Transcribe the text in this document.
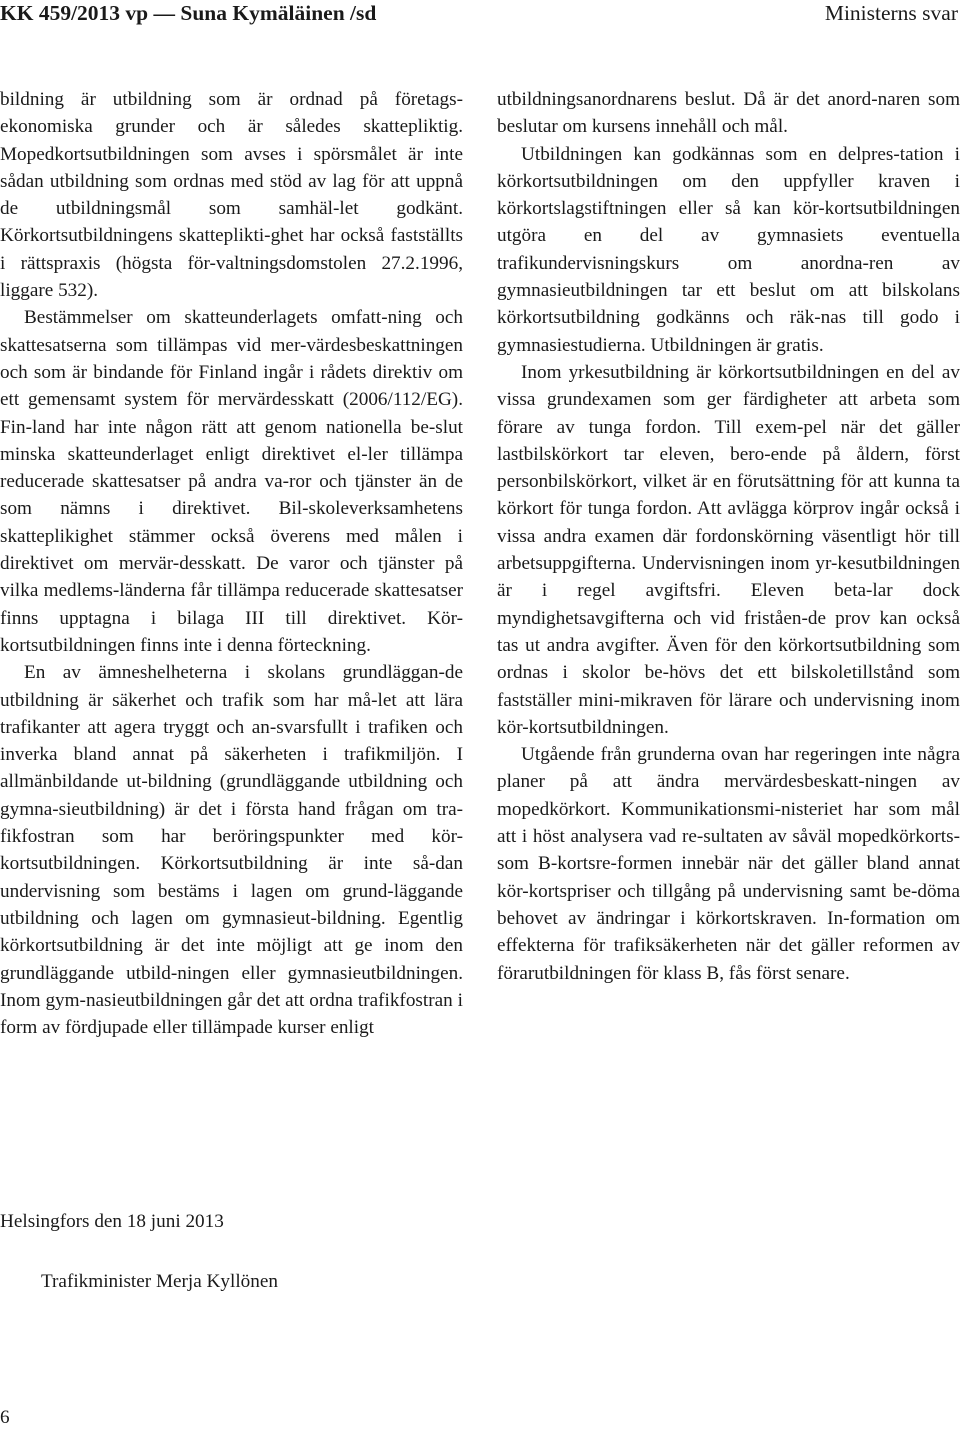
KK 459/2013 vp — Suna Kymäläinen /sd	Ministerns svar

bildning är utbildning som är ordnad på företags-ekonomiska grunder och är således skattepliktig. Mopedkortsutbildningen som avses i spörsmålet är inte sådan utbildning som ordnas med stöd av lag för att uppnå de utbildningsmål som samhäl-let godkänt. Körkortsutbildningens skatteplikti-ghet har också fastställts i rättspraxis (högsta för-valtningsdomstolen 27.2.1996, liggare 532).

Bestämmelser om skatteunderlagets omfatt-ning och skattesatserna som tillämpas vid mer-värdesbeskattningen och som är bindande för Finland ingår i rådets direktiv om ett gemensamt system för mervärdesskatt (2006/112/EG). Fin-land har inte någon rätt att genom nationella be-slut minska skatteunderlaget enligt direktivet el-ler tillämpa reducerade skattesatser på andra va-ror och tjänster än de som nämns i direktivet. Bil-skoleverksamhetens skatteplikighet stämmer också överens med målen i direktivet om mervär-desskatt. De varor och tjänster på vilka medlems-länderna får tillämpa reducerade skattesatser finns upptagna i bilaga III till direktivet. Kör-kortsutbildningen finns inte i denna förteckning.

En av ämneshelheterna i skolans grundläggan-de utbildning är säkerhet och trafik som har må-let att lära trafikanter att agera tryggt och an-svarsfullt i trafiken och inverka bland annat på säkerheten i trafikmiljön. I allmänbildande ut-bildning (grundläggande utbildning och gymna-sieutbildning) är det i första hand frågan om tra-fikfostran som har beröringspunkter med kör-kortsutbildningen. Körkortsutbildning är inte så-dan undervisning som bestäms i lagen om grund-läggande utbildning och lagen om gymnasieut-bildning. Egentlig körkortsutbildning är det inte möjligt att ge inom den grundläggande utbild-ningen eller gymnasieutbildningen. Inom gym-nasieutbildningen går det att ordna trafikfostran i form av fördjupade eller tillämpade kurser enligt

utbildningsanordnarens beslut. Då är det anord-naren som beslutar om kursens innehåll och mål.

Utbildningen kan godkännas som en delpres-tation i körkortsutbildningen om den uppfyller kraven i körkortslagstiftningen eller så kan kör-kortsutbildningen utgöra en del av gymnasiets eventuella trafikundervisningskurs om anordna-ren av gymnasieutbildningen tar ett beslut om att bilskolans körkortsutbildning godkänns och räk-nas till godo i gymnasiestudierna. Utbildningen är gratis.

Inom yrkesutbildning är körkortsutbildningen en del av vissa grundexamen som ger färdigheter att arbeta som förare av tunga fordon. Till exem-pel när det gäller lastbilskörkort tar eleven, bero-ende på åldern, först personbilskörkort, vilket är en förutsättning för att kunna ta körkort för tunga fordon. Att avlägga körprov ingår också i vissa andra examen där fordonskörning väsentligt hör till arbetsuppgifterna. Undervisningen inom yr-kesutbildningen är i regel avgiftsfri. Eleven beta-lar dock myndighetsavgifterna och vid friståen-de prov kan också tas ut andra avgifter. Även för den körkortsutbildning som ordnas i skolor be-hövs det ett bilskoletillstånd som fastställer mini-mikraven för lärare och undervisning inom kör-kortsutbildningen.

Utgående från grunderna ovan har regeringen inte några planer på att ändra mervärdesbeskatt-ningen av mopedkörkort. Kommunikationsmi-nisteriet har som mål att i höst analysera vad re-sultaten av såväl mopedkörkorts- som B-kortsre-formen innebär när det gäller bland annat kör-kortspriser och tillgång på undervisning samt be-döma behovet av ändringar i körkortskraven. In-formation om effekterna för trafiksäkerheten när det gäller reformen av förarutbildningen för klass B, fås först senare.

Helsingfors den 18 juni 2013
Trafikminister Merja Kyllönen
6
